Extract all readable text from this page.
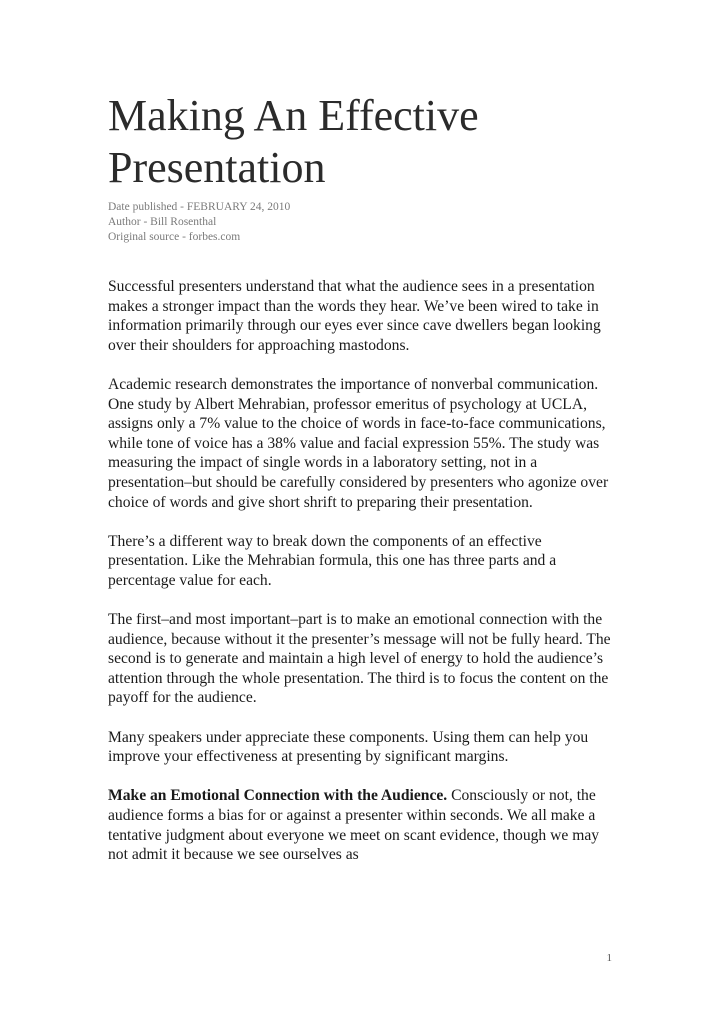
Making An Effective Presentation
Date published - FEBRUARY 24, 2010
Author - Bill Rosenthal
Original source - forbes.com

Successful presenters understand that what the audience sees in a presentation makes a stronger impact than the words they hear. We’ve been wired to take in information primarily through our eyes ever since cave dwellers began looking over their shoulders for approaching mastodons.

Academic research demonstrates the importance of nonverbal communication. One study by Albert Mehrabian, professor emeritus of psychology at UCLA, assigns only a 7% value to the choice of words in face-to-face communications, while tone of voice has a 38% value and facial expression 55%. The study was measuring the impact of single words in a laboratory setting, not in a presentation–but should be carefully considered by presenters who agonize over choice of words and give short shrift to preparing their presentation.

There’s a different way to break down the components of an effective presentation. Like the Mehrabian formula, this one has three parts and a percentage value for each.

The first–and most important–part is to make an emotional connection with the audience, because without it the presenter’s message will not be fully heard. The second is to generate and maintain a high level of energy to hold the audience’s attention through the whole presentation. The third is to focus the content on the payoff for the audience.

Many speakers under appreciate these components. Using them can help you improve your effectiveness at presenting by significant margins.

Make an Emotional Connection with the Audience. Consciously or not, the audience forms a bias for or against a presenter within seconds. We all make a tentative judgment about everyone we meet on scant evidence, though we may not admit it because we see ourselves as

1
